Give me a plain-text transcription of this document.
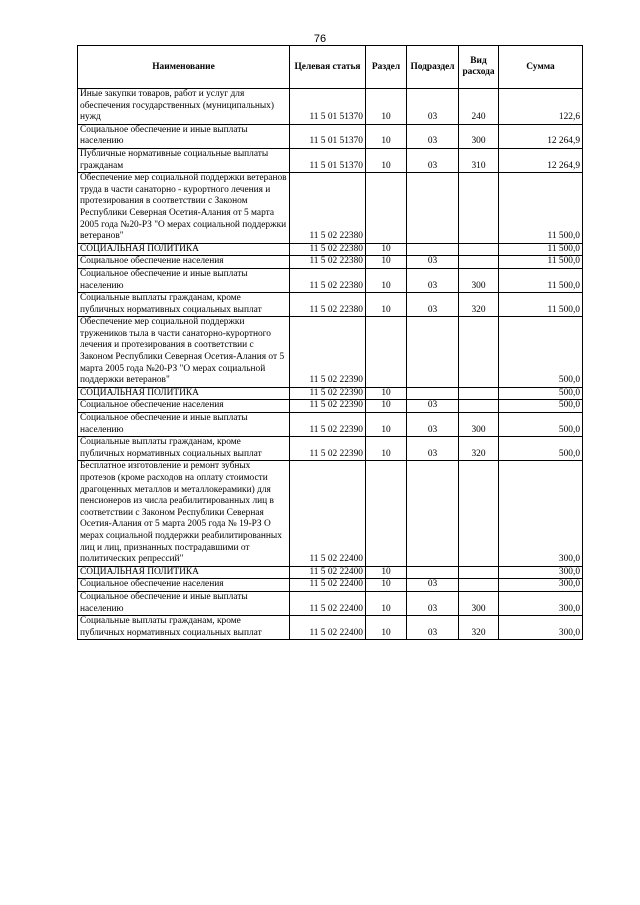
76
Наименование	Целевая статья	Раздел	Подраздел	Вид расхода	Сумма
Иные закупки товаров, работ и услуг для обеспечения государственных (муниципальных) нужд	11 5 01 51370	10	03	240	122,6
Социальное обеспечение и иные выплаты населению	11 5 01 51370	10	03	300	12 264,9
Публичные нормативные социальные выплаты гражданам	11 5 01 51370	10	03	310	12 264,9
Обеспечение мер социальной поддержки ветеранов труда в части санаторно - курортного лечения и протезирования в соответствии с Законом Республики Северная Осетия-Алания от 5 марта 2005 года №20-РЗ "О мерах социальной поддержки ветеранов"	11 5 02 22380				11 500,0
СОЦИАЛЬНАЯ ПОЛИТИКА	11 5 02 22380	10			11 500,0
Социальное обеспечение населения	11 5 02 22380	10	03		11 500,0
Социальное обеспечение и иные выплаты населению	11 5 02 22380	10	03	300	11 500,0
Социальные выплаты гражданам, кроме публичных нормативных социальных выплат	11 5 02 22380	10	03	320	11 500,0
Обеспечение мер социальной поддержки тружеников тыла в части санаторно-курортного лечения и протезирования в соответствии с Законом Республики Северная Осетия-Алания от 5 марта 2005 года №20-РЗ "О мерах социальной поддержки ветеранов"	11 5 02 22390				500,0
СОЦИАЛЬНАЯ ПОЛИТИКА	11 5 02 22390	10			500,0
Социальное обеспечение населения	11 5 02 22390	10	03		500,0
Социальное обеспечение и иные выплаты населению	11 5 02 22390	10	03	300	500,0
Социальные выплаты гражданам, кроме публичных нормативных социальных выплат	11 5 02 22390	10	03	320	500,0
Бесплатное изготовление и ремонт зубных протезов (кроме расходов на оплату стоимости драгоценных металлов и металлокерамики) для пенсионеров из числа реабилитированных лиц в соответствии с Законом Республики Северная Осетия-Алания от 5 марта 2005 года № 19-РЗ О мерах социальной поддержки реабилитированных лиц и лиц, признанных пострадавшими от политических репрессий"	11 5 02 22400				300,0
СОЦИАЛЬНАЯ ПОЛИТИКА	11 5 02 22400	10			300,0
Социальное обеспечение населения	11 5 02 22400	10	03		300,0
Социальное обеспечение и иные выплаты населению	11 5 02 22400	10	03	300	300,0
Социальные выплаты гражданам, кроме публичных нормативных социальных выплат	11 5 02 22400	10	03	320	300,0
